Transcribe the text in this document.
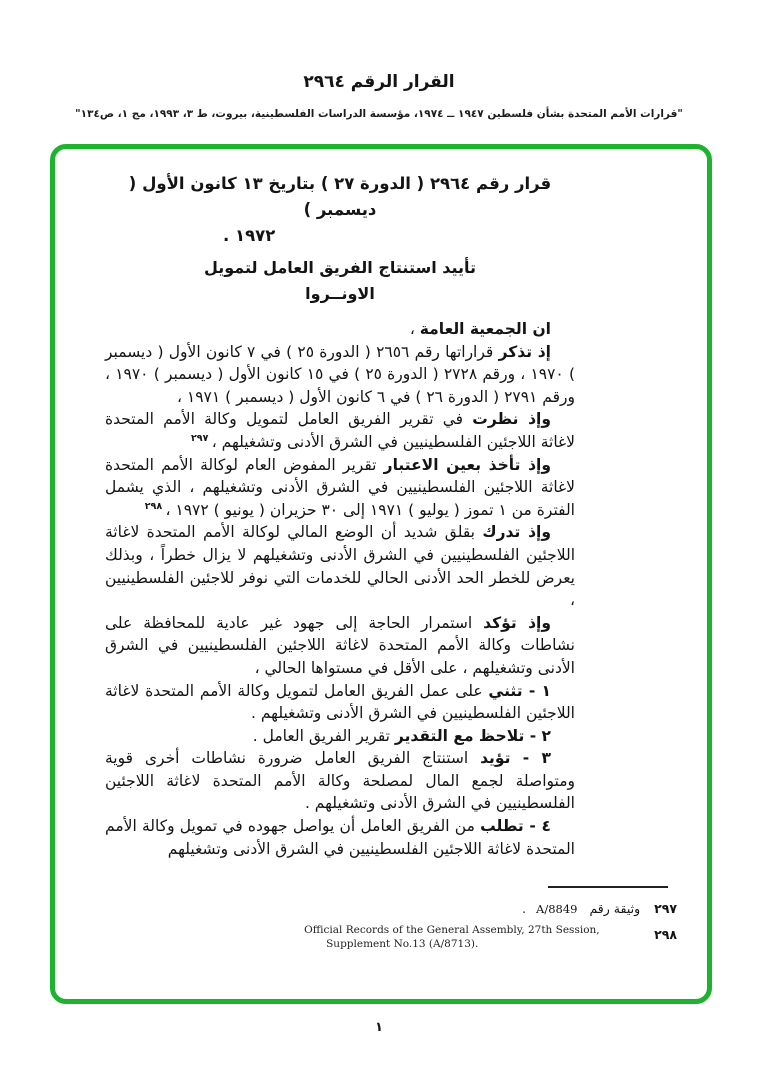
القرار الرقم ٢٩٦٤
"قرارات الأمم المتحدة بشأن فلسطين ١٩٤٧ ــ ١٩٧٤، مؤسسة الدراسات الفلسطينية، بيروت، ط ٣، ١٩٩٣، مج ١، ص١٣٤"
قرار رقم ٢٩٦٤ ( الدورة ٢٧ ) بتاريخ ١٣ كانون الأول ( ديسمبر )
١٩٧٢ .
تأييد استنتاج الفريق العامل لتمويل
الاونــروا
ان الجمعية العامة ،
إذ تذكر قراراتها رقم ٢٦٥٦ ( الدورة ٢٥ ) في ٧ كانون الأول ( ديسمبر ) ١٩٧٠ ، ورقم ٢٧٢٨ ( الدورة ٢٥ ) في ١٥ كانون الأول ( ديسمبر ) ١٩٧٠ ، ورقم ٢٧٩١ ( الدورة ٢٦ ) في ٦ كانون الأول ( ديسمبر ) ١٩٧١ ،
وإذ نظرت في تقرير الفريق العامل لتمويل وكالة الأمم المتحدة لاغاثة اللاجئين الفلسطينيين في الشرق الأدنى وتشغيلهم ، $^{٢٩٧}$
وإذ تأخذ بعين الاعتبار تقرير المفوض العام لوكالة الأمم المتحدة لاغاثة اللاجئين الفلسطينيين في الشرق الأدنى وتشغيلهم ، الذي يشمل الفترة من ١ تموز ( يوليو ) ١٩٧١ إلى ٣٠ حزيران ( يونيو ) ١٩٧٢ ، $^{٢٩٨}$
وإذ تدرك بقلق شديد أن الوضع المالي لوكالة الأمم المتحدة لاغاثة اللاجئين الفلسطينيين في الشرق الأدنى وتشغيلهم لا يزال خطراً ، وبذلك يعرض للخطر الحد الأدنى الحالي للخدمات التي نوفر للاجئين الفلسطينيين ،
وإذ تؤكد استمرار الحاجة إلى جهود غير عادية للمحافظة على نشاطات وكالة الأمم المتحدة لاغاثة اللاجئين الفلسطينيين في الشرق الأدنى وتشغيلهم ، على الأقل في مستواها الحالي ،
١ - تثني على عمل الفريق العامل لتمويل وكالة الأمم المتحدة لاغاثة اللاجئين الفلسطينيين في الشرق الأدنى وتشغيلهم .
٢ - تلاحظ مع التقدير تقرير الفريق العامل .
٣ - تؤيد استنتاج الفريق العامل ضرورة نشاطات أخرى قوية ومتواصلة لجمع المال لمصلحة وكالة الأمم المتحدة لاغاثة اللاجئين الفلسطينيين في الشرق الأدنى وتشغيلهم .
٤ - تطلب من الفريق العامل أن يواصل جهوده في تمويل وكالة الأمم المتحدة لاغاثة اللاجئين الفلسطينيين في الشرق الأدنى وتشغيلهم
٢٩٧وثيقة رقمA/8849 .
٢٩٨Official Records of the General Assembly, 27th Session, Supplement No.13 (A/8713).
١
